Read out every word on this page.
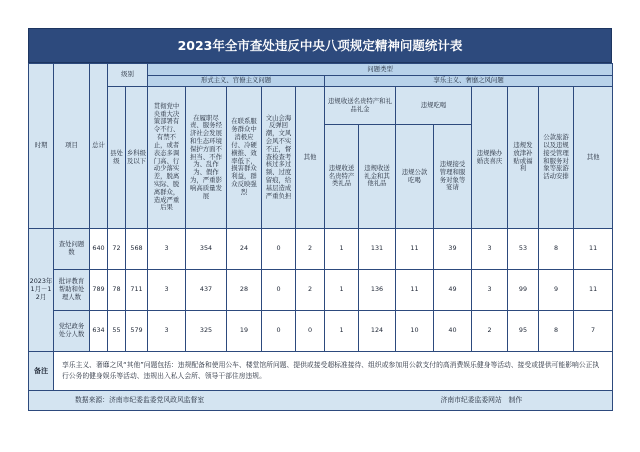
2023年全市查处违反中央八项规定精神问题统计表
时期	项目	总计	级别		问题类型												
					形式主义、官僚主义问题					享乐主义、奢靡之风问题							
			县处级	乡科级及以下	贯彻党中央重大决策部署有令不行、有禁不止，或者表态多调门高、行动少落实差，脱离实际、脱离群众，造成严重后果	在履职尽责、服务经济社会发展和生态环境保护方面不担当、不作为、乱作为、假作为，严重影响高质量发展	在联系服务群众中消极应付、冷硬横推、效率低下，损害群众利益，群众反映强烈	文山会海反弹回潮，文风会风不实不正，督查检查考核过多过频、过度留痕，给基层造成严重负担	其他	违规收送名贵特产和礼品礼金		违规吃喝		违规操办婚丧喜庆	违规发放津补贴或福利	公款旅游以及违规接受管理和服务对象等旅游活动安排	其他
										违规收送名贵特产类礼品	违规收送礼金和其他礼品	违规公款吃喝	违规接受管理和服务对象等宴请				
2023年1月－12月	查处问题数	640	72	568	3	354	24	0	2	1	131	11	39	3	53	8	11
	批评教育帮助和处理人数	789	78	711	3	437	28	0	2	1	136	11	49	3	99	9	11
	党纪政务处分人数	634	55	579	3	325	19	0	0	1	124	10	40	2	95	8	7
备注	享乐主义、奢靡之风“其他”问题包括：违规配备和使用公车、楼堂馆所问题、提供或接受超标准接待、组织或参加用公款支付的高消费娱乐健身等活动、接受或提供可能影响公正执行公务的健身娱乐等活动、违规出入私人会所、领导干部住房违规。																

数据来源：济南市纪委监委党风政风监督室 济南市纪委监委网站　制作																	
